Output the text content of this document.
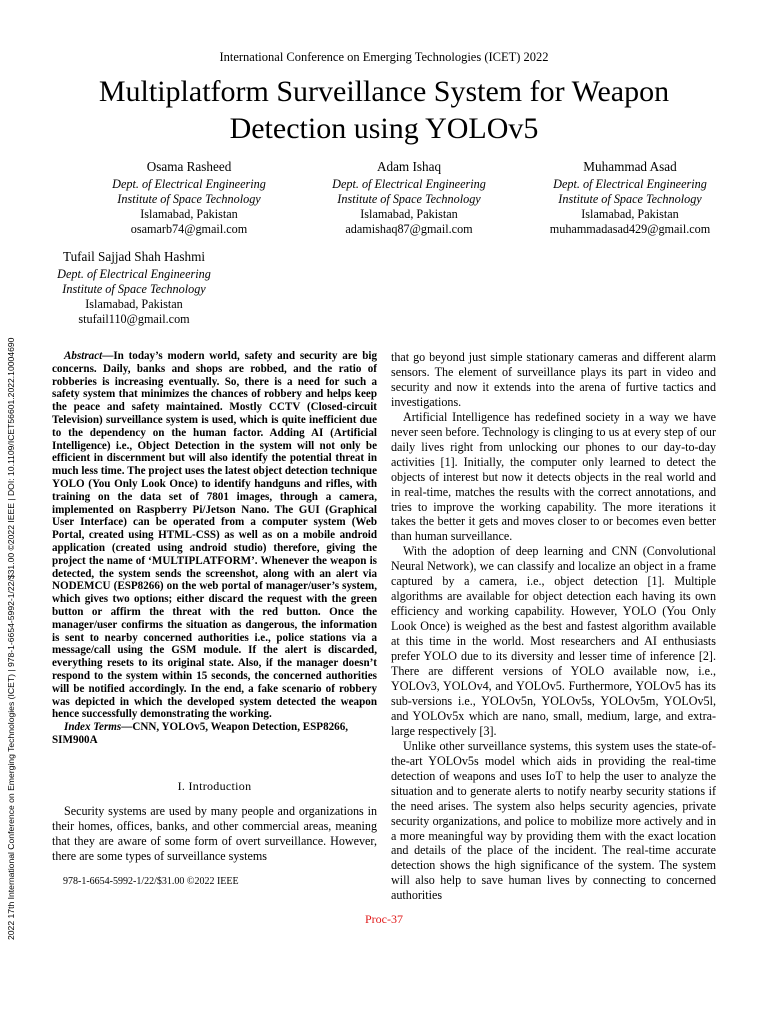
2022 17th International Conference on Emerging Technologies (ICET) | 978-1-6654-5992-1/22/$31.00 ©2022 IEEE | DOI: 10.1109/ICET56601.2022.10004690
International Conference on Emerging Technologies (ICET) 2022
Multiplatform Surveillance System for Weapon
Detection using YOLOv5
Osama Rasheed
Dept. of Electrical Engineering
Institute of Space Technology
Islamabad, Pakistan
osamarb74@gmail.com
Adam Ishaq
Dept. of Electrical Engineering
Institute of Space Technology
Islamabad, Pakistan
adamishaq87@gmail.com
Muhammad Asad
Dept. of Electrical Engineering
Institute of Space Technology
Islamabad, Pakistan
muhammadasad429@gmail.com
Tufail Sajjad Shah Hashmi
Dept. of Electrical Engineering
Institute of Space Technology
Islamabad, Pakistan
stufail110@gmail.com

Abstract—In today’s modern world, safety and security are big concerns. Daily, banks and shops are robbed, and the ratio of robberies is increasing eventually. So, there is a need for such a safety system that minimizes the chances of robbery and helps keep the peace and safety maintained. Mostly CCTV (Closed-circuit Television) surveillance system is used, which is quite inefficient due to the dependency on the human factor. Adding AI (Artificial Intelligence) i.e., Object Detection in the system will not only be efficient in discernment but will also identify the potential threat in much less time. The project uses the latest object detection technique YOLO (You Only Look Once) to identify handguns and rifles, with training on the data set of 7801 images, through a camera, implemented on Raspberry Pi/Jetson Nano. The GUI (Graphical User Interface) can be operated from a computer system (Web Portal, created using HTML-CSS) as well as on a mobile android application (created using android studio) therefore, giving the project the name of ‘MULTIPLATFORM’. Whenever the weapon is detected, the system sends the screenshot, along with an alert via NODEMCU (ESP8266) on the web portal of manager/user’s system, which gives two options; either discard the request with the green button or affirm the threat with the red button. Once the manager/user confirms the situation as dangerous, the information is sent to nearby concerned authorities i.e., police stations via a message/call using the GSM module. If the alert is discarded, everything resets to its original state. Also, if the manager doesn’t respond to the system within 15 seconds, the concerned authorities will be notified accordingly. In the end, a fake scenario of robbery was depicted in which the developed system detected the weapon hence successfully demonstrating the working.

Index Terms—CNN, YOLOv5, Weapon Detection, ESP8266, SIM900A

I. Introduction

Security systems are used by many people and organizations in their homes, offices, banks, and other commercial areas, meaning that they are aware of some form of overt surveillance. However, there are some types of surveillance systems

978-1-6654-5992-1/22/$31.00 ©2022 IEEE

that go beyond just simple stationary cameras and different alarm sensors. The element of surveillance plays its part in video and security and now it extends into the arena of furtive tactics and investigations.

Artificial Intelligence has redefined society in a way we have never seen before. Technology is clinging to us at every step of our daily lives right from unlocking our phones to our day-to-day activities [1]. Initially, the computer only learned to detect the objects of interest but now it detects objects in the real world and in real-time, matches the results with the correct annotations, and tries to improve the working capability. The more iterations it takes the better it gets and moves closer to or becomes even better than human surveillance.

With the adoption of deep learning and CNN (Convolutional Neural Network), we can classify and localize an object in a frame captured by a camera, i.e., object detection [1]. Multiple algorithms are available for object detection each having its own efficiency and working capability. However, YOLO (You Only Look Once) is weighed as the best and fastest algorithm available at this time in the world. Most researchers and AI enthusiasts prefer YOLO due to its diversity and lesser time of inference [2]. There are different versions of YOLO available now, i.e., YOLOv3, YOLOv4, and YOLOv5. Furthermore, YOLOv5 has its sub-versions i.e., YOLOv5n, YOLOv5s, YOLOv5m, YOLOv5l, and YOLOv5x which are nano, small, medium, large, and extra-large respectively [3].

Unlike other surveillance systems, this system uses the state-of-the-art YOLOv5s model which aids in providing the real-time detection of weapons and uses IoT to help the user to analyze the situation and to generate alerts to notify nearby security stations if the need arises. The system also helps security agencies, private security organizations, and police to mobilize more actively and in a more meaningful way by providing them with the exact location and details of the place of the incident. The real-time accurate detection shows the high significance of the system. The system will also help to save human lives by connecting to concerned authorities

Proc-37
